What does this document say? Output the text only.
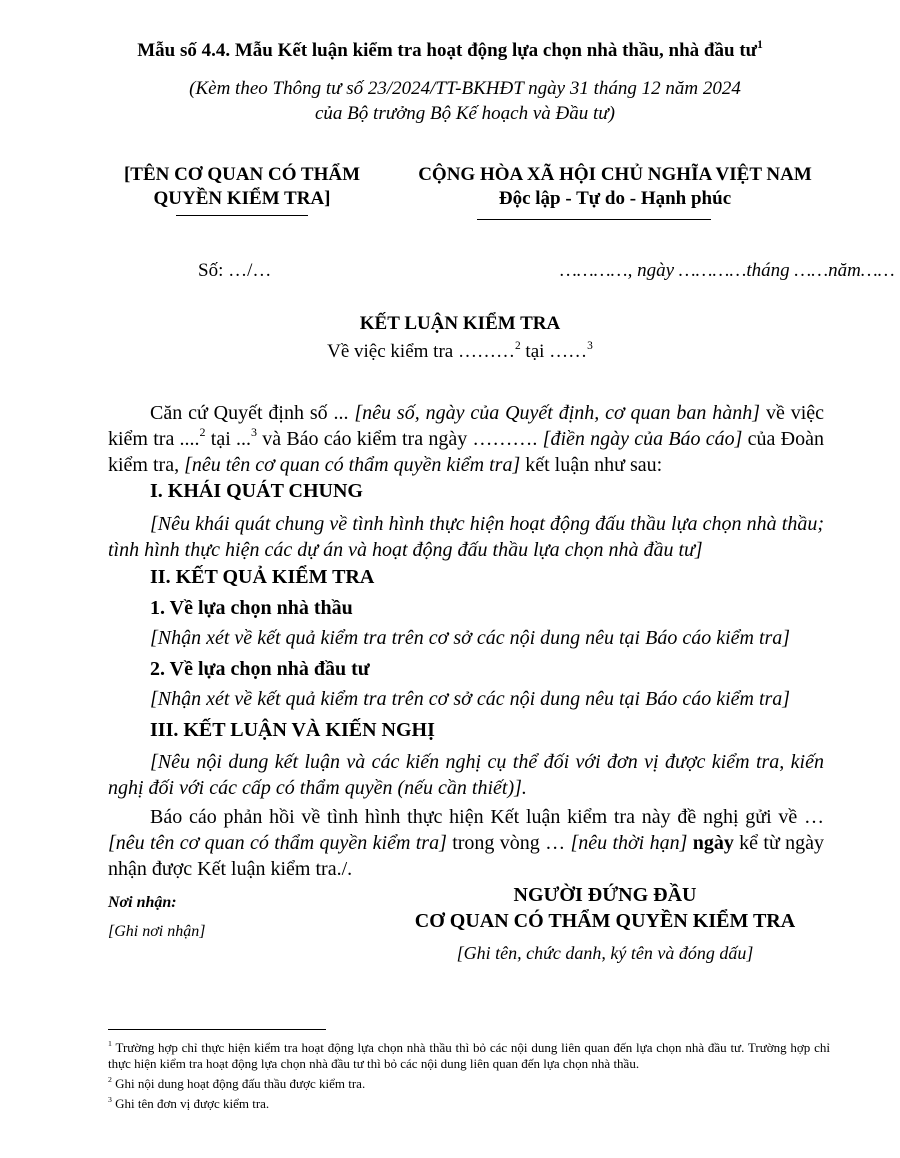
Mẫu số 4.4. Mẫu Kết luận kiểm tra hoạt động lựa chọn nhà thầu, nhà đầu $tư^1$
(Kèm theo Thông tư số 23/2024/TT-BKHĐT ngày 31 tháng 12 năm 2024
của Bộ trưởng Bộ Kế hoạch và Đầu tư)
[TÊN CƠ QUAN CÓ THẨM
QUYỀN KIỂM TRA]
CỘNG HÒA XÃ HỘI CHỦ NGHĨA VIỆT NAM
Độc lập - Tự do - Hạnh phúc
Số: …/…	…………, ngày …………tháng ……năm……
KẾT LUẬN KIỂM TRA
Về việc kiểm tra ………$^2$ tại ……$^3$
Căn cứ Quyết định số ... [nêu số, ngày của Quyết định, cơ quan ban hành] về việc kiểm tra ....$^2$ tại ...$^3$ và Báo cáo kiểm tra ngày ………. [điền ngày của Báo cáo] của Đoàn kiểm tra, [nêu tên cơ quan có thẩm quyền kiểm tra] kết luận như sau:
I. KHÁI QUÁT CHUNG
[Nêu khái quát chung về tình hình thực hiện hoạt động đấu thầu lựa chọn nhà thầu; tình hình thực hiện các dự án và hoạt động đấu thầu lựa chọn nhà đầu tư]
II. KẾT QUẢ KIỂM TRA
1. Về lựa chọn nhà thầu
[Nhận xét về kết quả kiểm tra trên cơ sở các nội dung nêu tại Báo cáo kiểm tra]
2. Về lựa chọn nhà đầu tư
[Nhận xét về kết quả kiểm tra trên cơ sở các nội dung nêu tại Báo cáo kiểm tra]
III. KẾT LUẬN VÀ KIẾN NGHỊ
[Nêu nội dung kết luận và các kiến nghị cụ thể đối với đơn vị được kiểm tra, kiến nghị đối với các cấp có thẩm quyền (nếu cần thiết)].
Báo cáo phản hồi về tình hình thực hiện Kết luận kiểm tra này đề nghị gửi về … [nêu tên cơ quan có thẩm quyền kiểm tra] trong vòng … [nêu thời hạn] ngày kể từ ngày nhận được Kết luận kiểm tra./.
Nơi nhận:
[Ghi nơi nhận]
NGƯỜI ĐỨNG ĐẦU
CƠ QUAN CÓ THẨM QUYỀN KIỂM TRA
[Ghi tên, chức danh, ký tên và đóng dấu]
$^1$ Trường hợp chỉ thực hiện kiểm tra hoạt động lựa chọn nhà thầu thì bỏ các nội dung liên quan đến lựa chọn nhà đầu tư. Trường hợp chỉ thực hiện kiểm tra hoạt động lựa chọn nhà đầu tư thì bỏ các nội dung liên quan đến lựa chọn nhà thầu.
$^2$ Ghi nội dung hoạt động đấu thầu được kiểm tra.
$^3$ Ghi tên đơn vị được kiểm tra.
